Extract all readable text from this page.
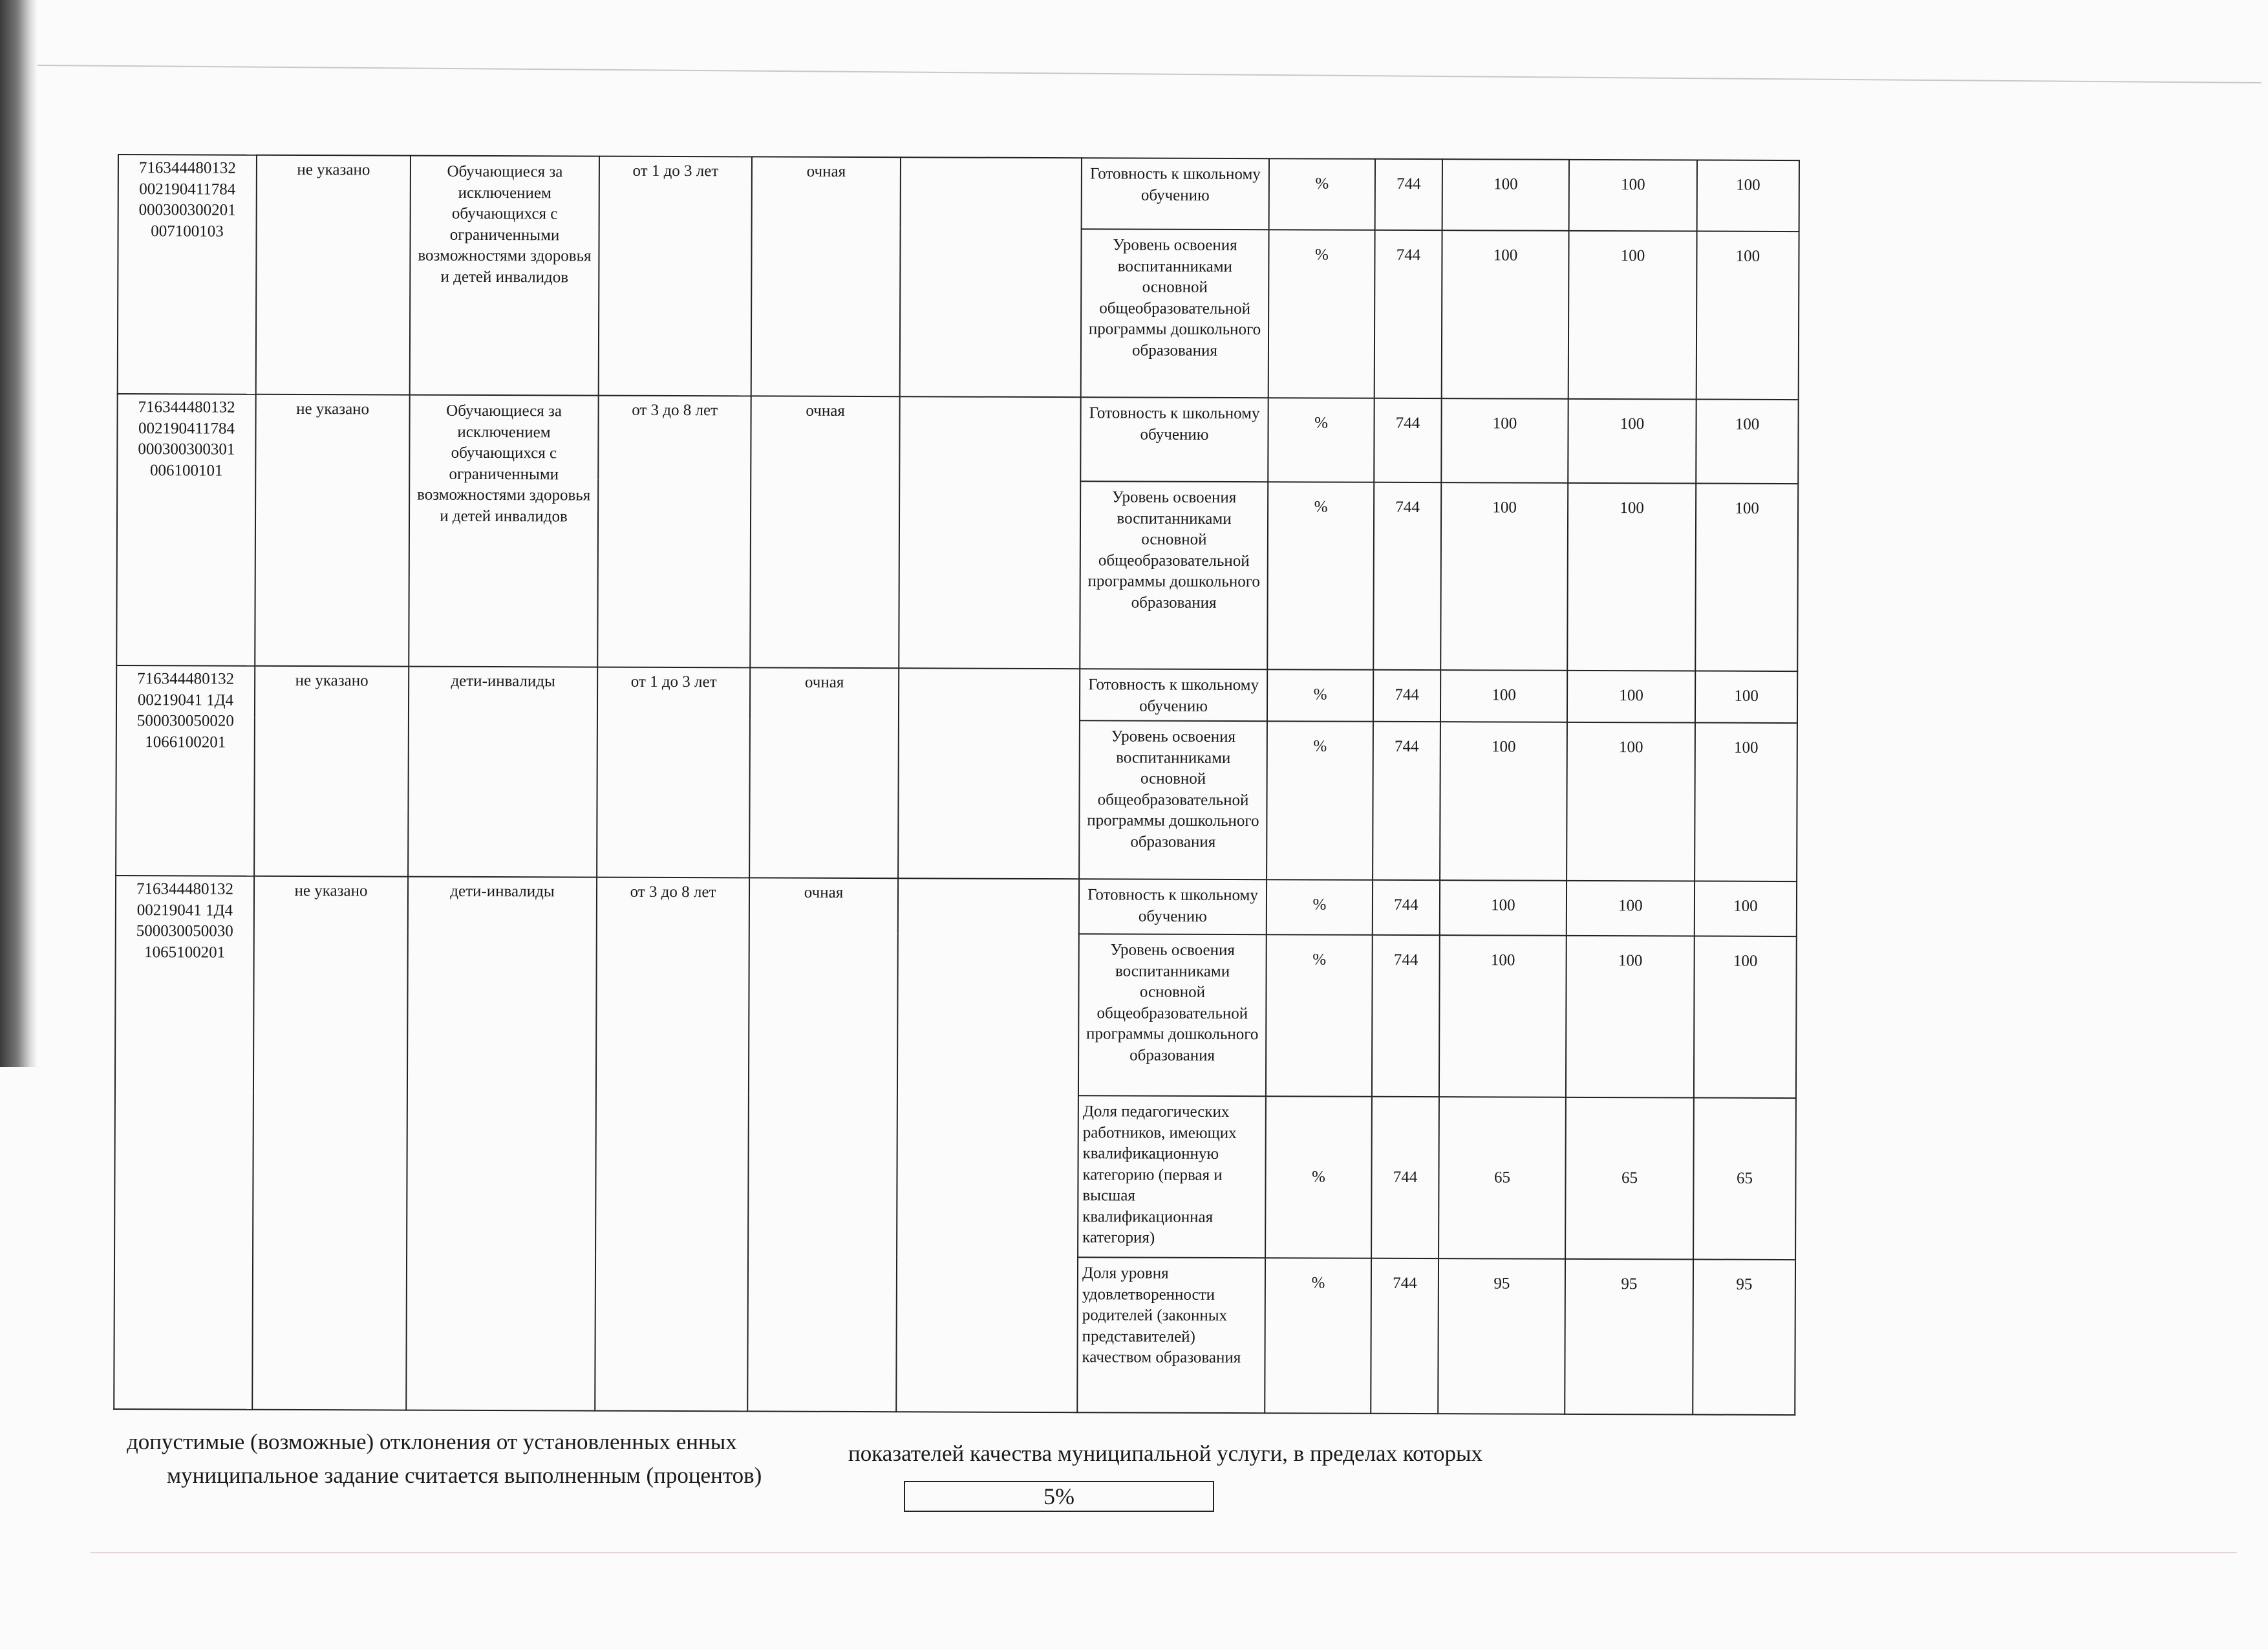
716344480132
002190411784
000300300201
007100103	не указано	Обучающиеся за исключением обучающихся с ограниченными возможностями здоровья и детей инвалидов	от 1 до 3 лет	очная		Готовность к школьному обучению	%	744	100	100	100
						Уровень освоения воспитанниками основной общеобразовательной программы дошкольного образования	%	744	100	100	100
716344480132
002190411784
000300300301
006100101	не указано	Обучающиеся за исключением обучающихся с ограниченными возможностями здоровья и детей инвалидов	от 3 до 8 лет	очная		Готовность к школьному обучению	%	744	100	100	100
						Уровень освоения воспитанниками основной общеобразовательной программы дошкольного образования	%	744	100	100	100
716344480132
00219041 1Д4
500030050020
1066100201	не указано	дети-инвалиды	от 1 до 3 лет	очная		Готовность к школьному обучению	%	744	100	100	100
						Уровень освоения воспитанниками основной общеобразовательной программы дошкольного образования	%	744	100	100	100
716344480132
00219041 1Д4
500030050030
1065100201	не указано	дети-инвалиды	от 3 до 8 лет	очная		Готовность к школьному обучению	%	744	100	100	100
						Уровень освоения воспитанниками основной общеобразовательной программы дошкольного образования	%	744	100	100	100
						Доля педагогических работников, имеющих квалификационную категорию (первая и высшая квалификационная категория)	%	744	65	65	65
						Доля уровня удовлетворенности родителей (законных представителей) качеством образования	%	744	95	95	95
допустимые (возможные) отклонения от установленных енных	показателей качества муниципальной услуги, в пределах которых
муниципальное задание считается выполненным (процентов)
5%
